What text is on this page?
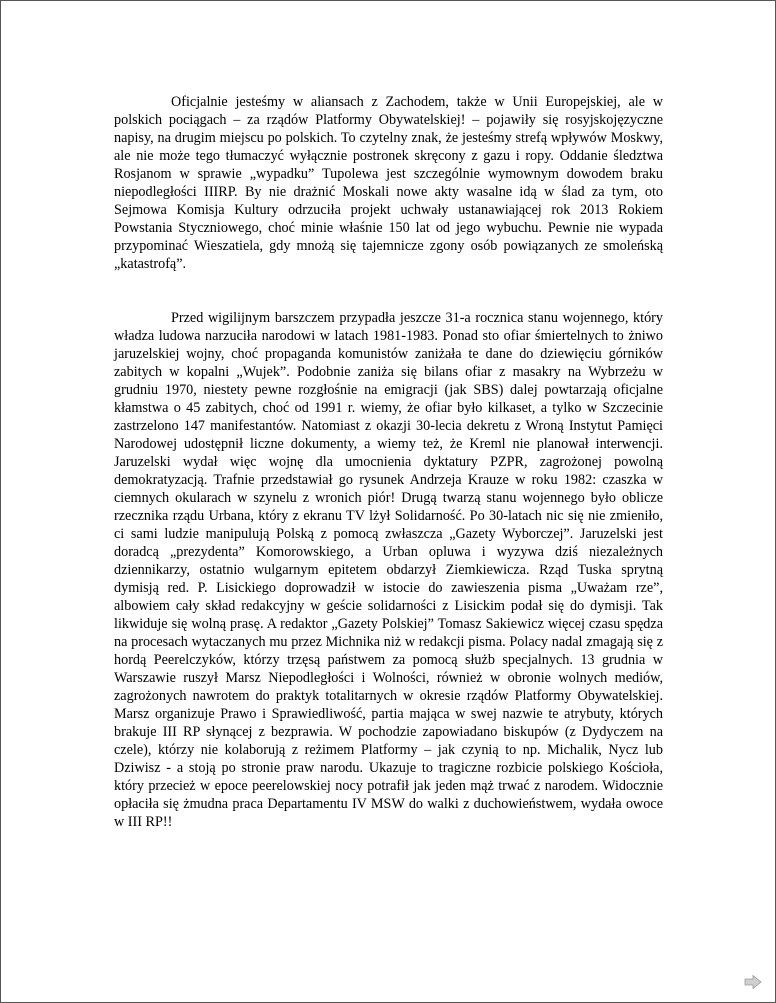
Oficjalnie jesteśmy w aliansach z Zachodem, także w Unii Europejskiej, ale w polskich pociągach – za rządów Platformy Obywatelskiej! – pojawiły się rosyjskojęzyczne napisy, na drugim miejscu po polskich. To czytelny znak, że jesteśmy strefą wpływów Moskwy, ale nie może tego tłumaczyć wyłącznie postronek skręcony z gazu i ropy. Oddanie śledztwa Rosjanom w sprawie „wypadku” Tupolewa jest szczególnie wymownym dowodem braku niepodległości IIIRP. By nie drażnić Moskali nowe akty wasalne idą w ślad za tym, oto Sejmowa Komisja Kultury odrzuciła projekt uchwały ustanawiającej rok 2013 Rokiem Powstania Styczniowego, choć minie właśnie 150 lat od jego wybuchu. Pewnie nie wypada przypominać Wieszatiela, gdy mnożą się tajemnicze zgony osób powiązanych ze smoleńską „katastrofą”.

Przed wigilijnym barszczem przypadła jeszcze 31-a rocznica stanu wojennego, który władza ludowa narzuciła narodowi w latach 1981-1983. Ponad sto ofiar śmiertelnych to żniwo jaruzelskiej wojny, choć propaganda komunistów zaniżała te dane do dziewięciu górników zabitych w kopalni „Wujek”. Podobnie zaniża się bilans ofiar z masakry na Wybrzeżu w grudniu 1970, niestety pewne rozgłośnie na emigracji (jak SBS) dalej powtarzają oficjalne kłamstwa o 45 zabitych, choć od 1991 r. wiemy, że ofiar było kilkaset, a tylko w Szczecinie zastrzelono 147 manifestantów. Natomiast z okazji 30-lecia dekretu z Wroną Instytut Pamięci Narodowej udostępnił liczne dokumenty, a wiemy też, że Kreml nie planował interwencji. Jaruzelski wydał więc wojnę dla umocnienia dyktatury PZPR, zagrożonej powolną demokratyzacją. Trafnie przedstawiał go rysunek Andrzeja Krauze w roku 1982: czaszka w ciemnych okularach w szynelu z wronich piór! Drugą twarzą stanu wojennego było oblicze rzecznika rządu Urbana, który z ekranu TV lżył Solidarność. Po 30-latach nic się nie zmieniło, ci sami ludzie manipulują Polską z pomocą zwłaszcza „Gazety Wyborczej”. Jaruzelski jest doradcą „prezydenta” Komorowskiego, a Urban opluwa i wyzywa dziś niezależnych dziennikarzy, ostatnio wulgarnym epitetem obdarzył Ziemkiewicza. Rząd Tuska sprytną dymisją red. P. Lisickiego doprowadził w istocie do zawieszenia pisma „Uważam rze”, albowiem cały skład redakcyjny w geście solidarności z Lisickim podał się do dymisji. Tak likwiduje się wolną prasę. A redaktor „Gazety Polskiej” Tomasz Sakiewicz więcej czasu spędza na procesach wytaczanych mu przez Michnika niż w redakcji pisma. Polacy nadal zmagają się z hordą Peerelczyków, którzy trzęsą państwem za pomocą służb specjalnych. 13 grudnia w Warszawie ruszył Marsz Niepodległości i Wolności, również w obronie wolnych mediów, zagrożonych nawrotem do praktyk totalitarnych w okresie rządów Platformy Obywatelskiej. Marsz organizuje Prawo i Sprawiedliwość, partia mająca w swej nazwie te atrybuty, których brakuje III RP słynącej z bezprawia. W pochodzie zapowiadano biskupów (z Dydyczem na czele), którzy nie kolaborują z reżimem Platformy – jak czynią to np. Michalik, Nycz lub Dziwisz - a stoją po stronie praw narodu. Ukazuje to tragiczne rozbicie polskiego Kościoła, który przecież w epoce peerelowskiej nocy potrafił jak jeden mąż trwać z narodem. Widocznie opłaciła się żmudna praca Departamentu IV MSW do walki z duchowieństwem, wydała owoce w III RP!!
